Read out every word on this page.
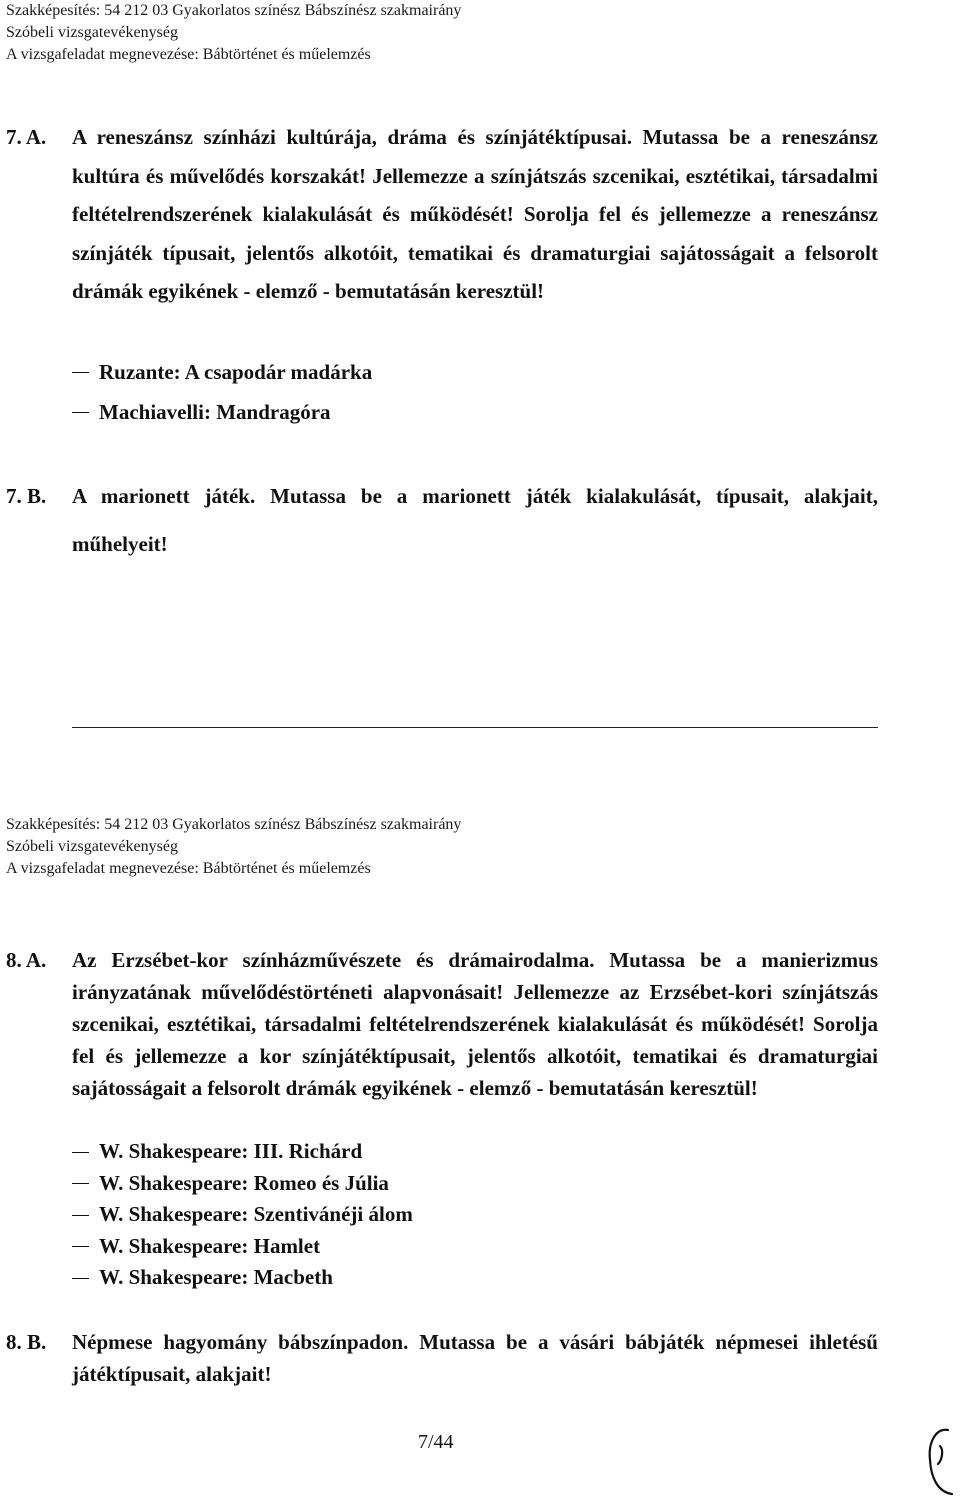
Szakképesítés: 54 212 03 Gyakorlatos színész Bábszínész szakmairány
Szóbeli vizsgatevékenység
A vizsgafeladat megnevezése: Bábtörténet és műelemzés
7. A. A reneszánsz színházi kultúrája, dráma és színjátéktípusai. Mutassa be a reneszánsz kultúra és művelődés korszakát! Jellemezze a színjátszás szcenikai, esztétikai, társadalmi feltételrendszerének kialakulását és működését! Sorolja fel és jellemezze a reneszánsz színjáték típusait, jelentős alkotóit, tematikai és dramaturgiai sajátosságait a felsorolt drámák egyikének - elemző - bemutatásán keresztül!
Ruzante: A csapodár madárka
Machiavelli: Mandragóra
7. B. A marionett játék. Mutassa be a marionett játék kialakulását, típusait, alakjait, műhelyeit!
Szakképesítés: 54 212 03 Gyakorlatos színész Bábszínész szakmairány
Szóbeli vizsgatevékenység
A vizsgafeladat megnevezése: Bábtörténet és műelemzés
8. A. Az Erzsébet-kor színházművészete és drámairodalma. Mutassa be a manierizmus irányzatának művelődéstörténeti alapvonásait! Jellemezze az Erzsébet-kori színjátszás szcenikai, esztétikai, társadalmi feltételrendszerének kialakulását és működését! Sorolja fel és jellemezze a kor színjátéktípusait, jelentős alkotóit, tematikai és dramaturgiai sajátosságait a felsorolt drámák egyikének - elemző - bemutatásán keresztül!
W. Shakespeare: III. Richárd
W. Shakespeare: Romeo és Júlia
W. Shakespeare: Szentivánéji álom
W. Shakespeare: Hamlet
W. Shakespeare: Macbeth
8. B. Népmese hagyomány bábszínpadon. Mutassa be a vásári bábjáték népmesei ihletésű játéktípusait, alakjait!
7/44
